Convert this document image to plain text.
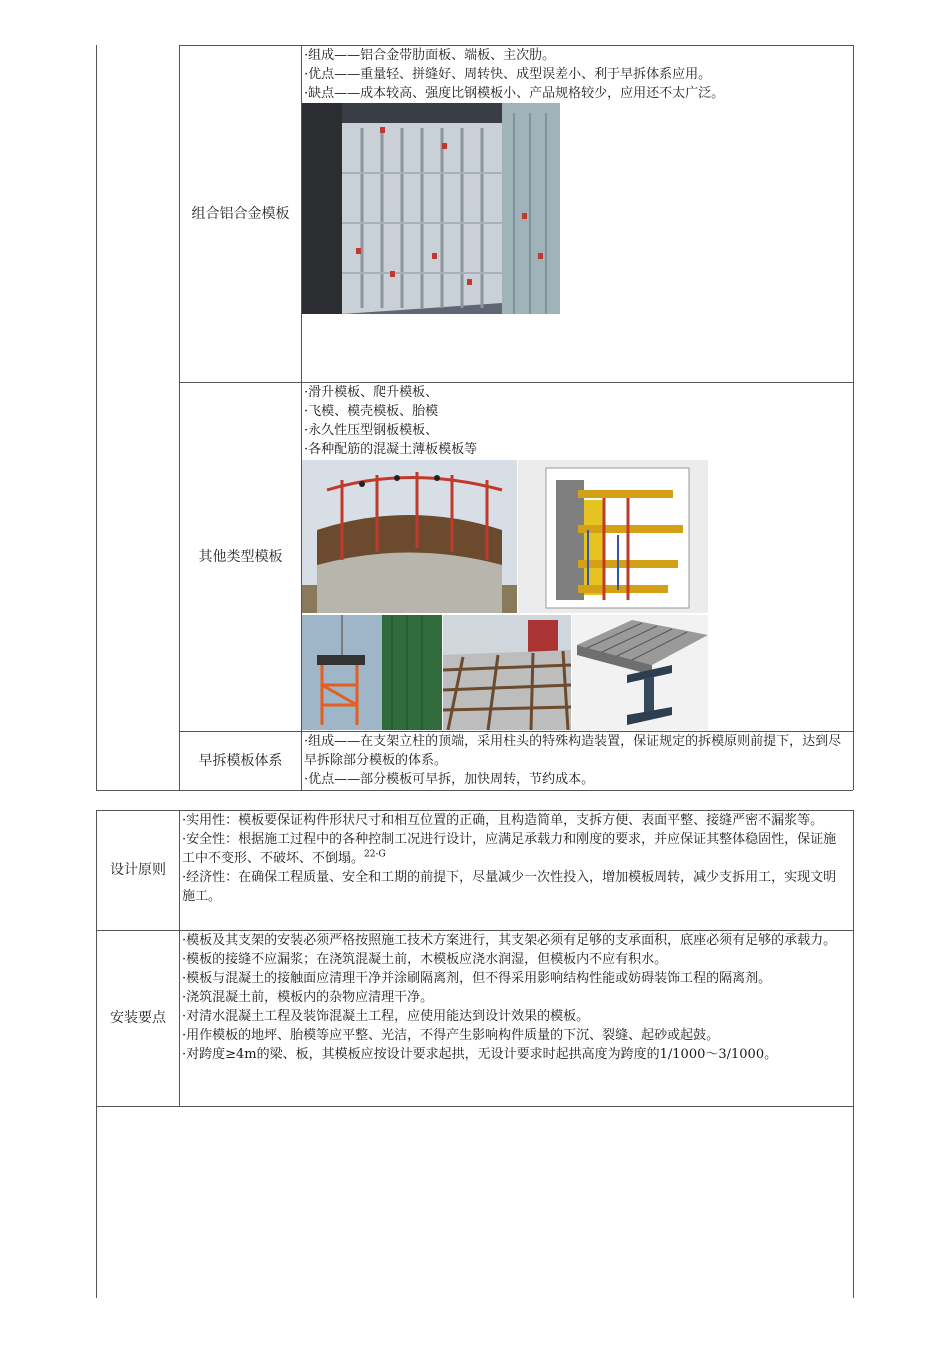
组合铝合金模板
·组成——铝合金带肋面板、端板、主次肋。
·优点——重量轻、拼缝好、周转快、成型误差小、利于早拆体系应用。
·缺点——成本较高、强度比钢模板小、产品规格较少，应用还不太广泛。
其他类型模板
·滑升模板、爬升模板、
·飞模、模壳模板、胎模
·永久性压型钢板模板、
·各种配筋的混凝土薄板模板等
早拆模板体系
·组成——在支架立柱的顶端，采用柱头的特殊构造装置，保证规定的拆模原则前提下，达到尽早拆除部分模板的体系。
·优点——部分模板可早拆，加快周转，节约成本。
设计原则
·实用性：模板要保证构件形状尺寸和相互位置的正确，且构造简单，支拆方便、表面平整、接缝严密不漏浆等。
·安全性：根据施工过程中的各种控制工况进行设计，应满足承载力和刚度的要求，并应保证其整体稳固性，保证施工中不变形、不破坏、不倒塌。$^{22-G}$
·经济性：在确保工程质量、安全和工期的前提下，尽量减少一次性投入，增加模板周转，减少支拆用工，实现文明施工。
安装要点
·模板及其支架的安装必须严格按照施工技术方案进行，其支架必须有足够的支承面积，底座必须有足够的承载力。
·模板的接缝不应漏浆；在浇筑混凝土前，木模板应浇水润湿，但模板内不应有积水。
·模板与混凝土的接触面应清理干净并涂刷隔离剂，但不得采用影响结构性能或妨碍装饰工程的隔离剂。
·浇筑混凝土前，模板内的杂物应清理干净。
·对清水混凝土工程及装饰混凝土工程，应使用能达到设计效果的模板。
·用作模板的地坪、胎模等应平整、光洁，不得产生影响构件质量的下沉、裂缝、起砂或起鼓。
·对跨度≥4m的梁、板，其模板应按设计要求起拱，无设计要求时起拱高度为跨度的1/1000～3/1000。
